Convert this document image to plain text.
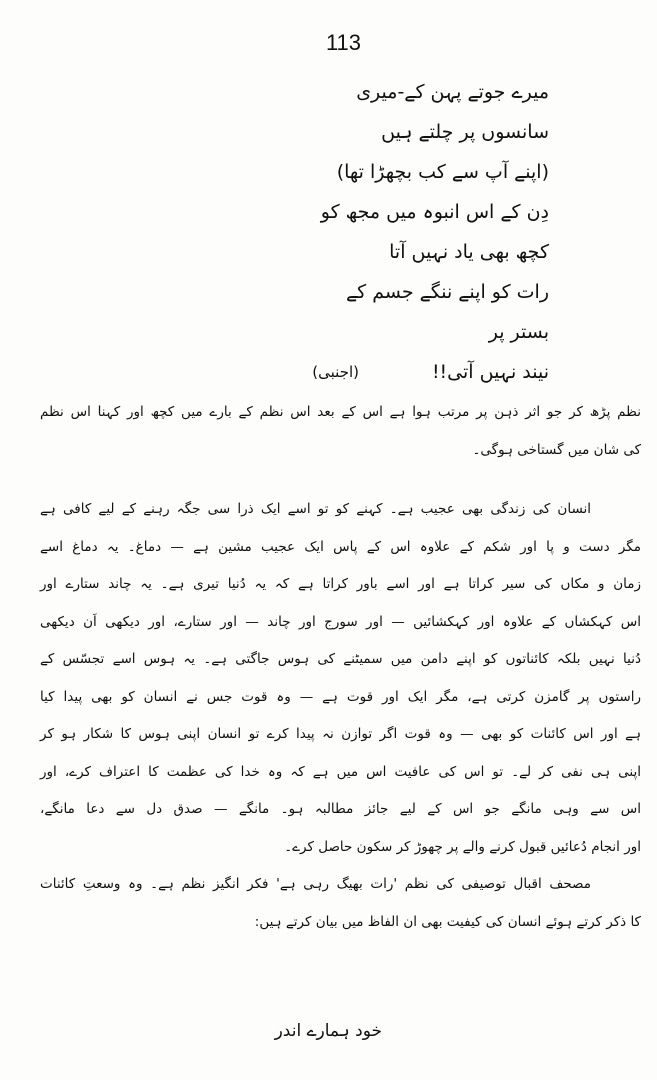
113
میرے جوتے پہن کے-میری
سانسوں پر چلتے ہیں
(اپنے آپ سے کب بچھڑا تھا)
دِن کے اس انبوہ میں مجھ کو
کچھ بھی یاد نہیں آتا
رات کو اپنے ننگے جسم کے
بستر پر
نیند نہیں آتی!!
(اجنبی)
نظم پڑھ کر جو اثر ذہن پر مرتب ہوا ہے اس کے بعد اس نظم کے بارے میں کچھ اور کہنا اس نظم
کی شان میں گستاخی ہوگی۔
انسان کی زندگی بھی عجیب ہے۔ کہنے کو تو اسے ایک ذرا سی جگہ رہنے کے لیے کافی ہے
مگر دست و پا اور شکم کے علاوہ اس کے پاس ایک عجیب مشین ہے — دماغ۔ یہ دماغ اسے
زمان و مکاں کی سیر کراتا ہے اور اسے باور کراتا ہے کہ یہ دُنیا تیری ہے۔ یہ چاند ستارے اور
اس کہکشاں کے علاوہ اور کہکشائیں — اور سورج اور چاند — اور ستارے، اور دیکھی اَن دیکھی
دُنیا نہیں بلکہ کائناتوں کو اپنے دامن میں سمیٹنے کی ہوس جاگتی ہے۔ یہ ہوس اسے تجسّس کے
راستوں پر گامزن کرتی ہے، مگر ایک اور قوت ہے — وہ قوت جس نے انسان کو بھی پیدا کیا
ہے اور اس کائنات کو بھی — وہ قوت اگر توازن نہ پیدا کرے تو انسان اپنی ہوس کا شکار ہو کر
اپنی ہی نفی کر لے۔ تو اس کی عافیت اس میں ہے کہ وہ خدا کی عظمت کا اعتراف کرے، اور
اس سے وہی مانگے جو اس کے لیے جائز مطالبہ ہو۔ مانگے — صدق دل سے دعا مانگے،
اور انجام دُعائیں قبول کرنے والے پر چھوڑ کر سکون حاصل کرے۔
مصحف اقبال توصیفی کی نظم 'رات بھیگ رہی ہے' فکر انگیز نظم ہے۔ وہ وسعتِ کائنات
کا ذکر کرتے ہوئے انسان کی کیفیت بھی ان الفاظ میں بیان کرتے ہیں:
خود ہمارے اندر
